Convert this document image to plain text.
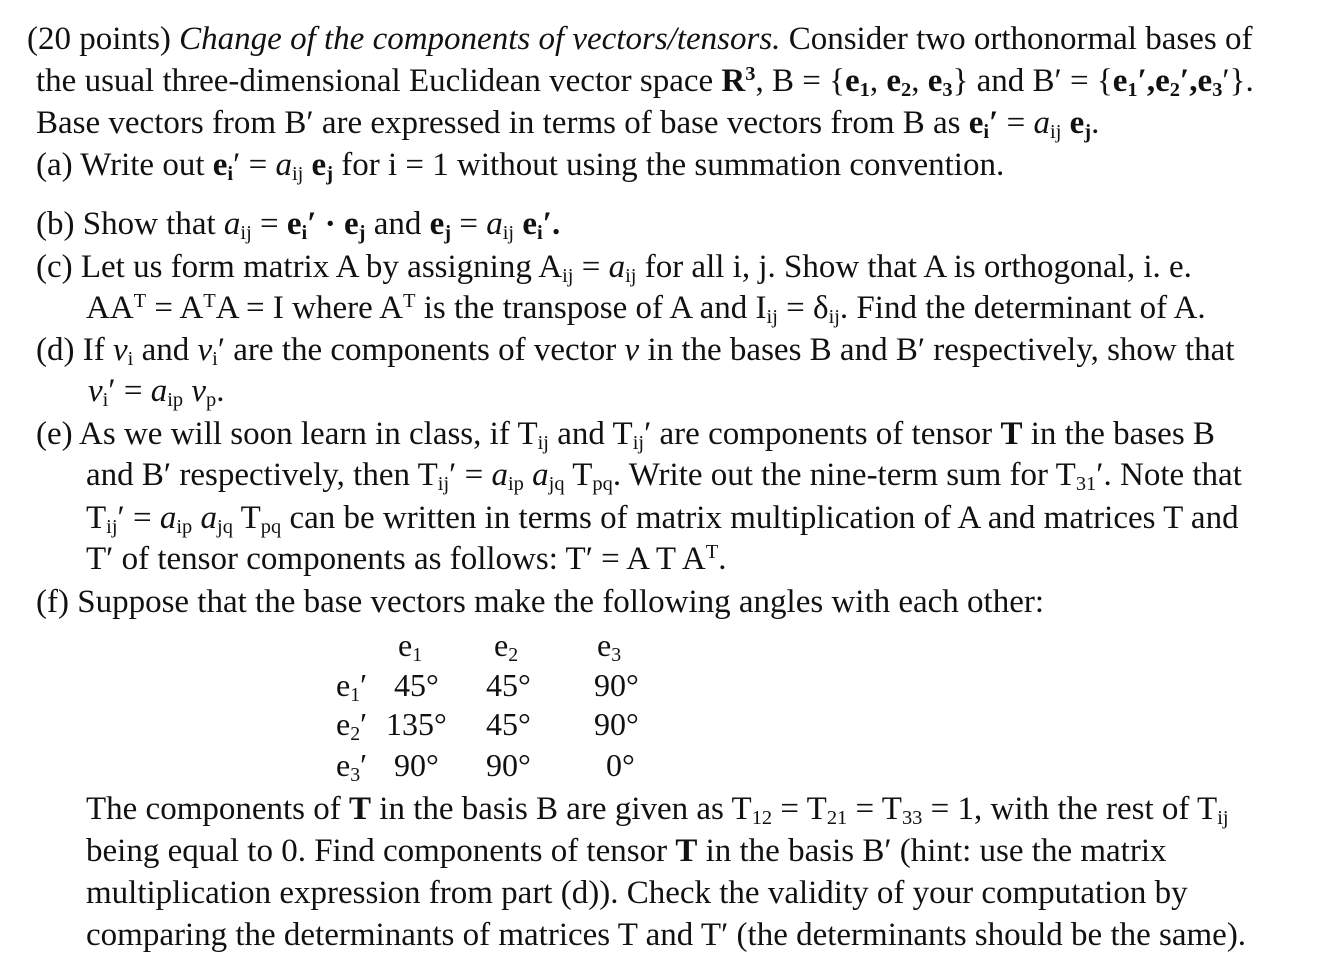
(20 points) Change of the components of vectors/tensors. Consider two orthonormal bases of
the usual three-dimensional Euclidean vector space $R^3$, $B = \{e_1$, $e_2$, $e_3$} and $B' = \{e_1',e_2',e_3'\}$.
Base vectors from B′ are expressed in terms of base vectors from B as $e_i' = a_{ij}$ $e_j$.
(a) Write out $e_i' = a_{ij}$ $e_j$ for i = 1 without using the summation convention.
(b) Show that $a_{ij} = e_i' \cdot e_j$ and $e_j = a_{ij}$ $e_i'$.
(c) Let us form matrix A by assigning $A_{ij} = a_{ij}$ for all i, j. Show that A is orthogonal, i. e.
$AA^T = A^TA = I$ where $A^T$ is the transpose of A and $I_{ij} = \delta_{ij}$. Find the determinant of A.
(d) If $v_i$ and $v_i'$ are the components of vector v in the bases B and B′ respectively, show that
$v_i' = a_{ip}$ $v_p$.
(e) As we will soon learn in class, if $T_{ij}$ and $T_{ij}'$ are components of tensor T in the bases B
and B′ respectively, then $T_{ij}' = a_{ip}$ $a_{jq}$ $T_{pq}$. Write out the nine-term sum for $T_{31}'$. Note that
$T_{ij}' = a_{ip}$ $a_{jq}$ $T_{pq}$ can be written in terms of matrix multiplication of A and matrices T and
T′ of tensor components as follows: T′ = A T $A^T$.
(f) Suppose that the base vectors make the following angles with each other:
$e_1$ $e_2$ $e_3$
$e_1'$ 45° 45° 90°
$e_2'$ 135° 45° 90°
$e_3'$ 90° 90° 0°
The components of T in the basis B are given as $T_{12} = T_{21} = T_{33} = 1$, with the rest of $T_{ij}$
being equal to 0. Find components of tensor T in the basis B′ (hint: use the matrix
multiplication expression from part (d)). Check the validity of your computation by
comparing the determinants of matrices T and T′ (the determinants should be the same).
